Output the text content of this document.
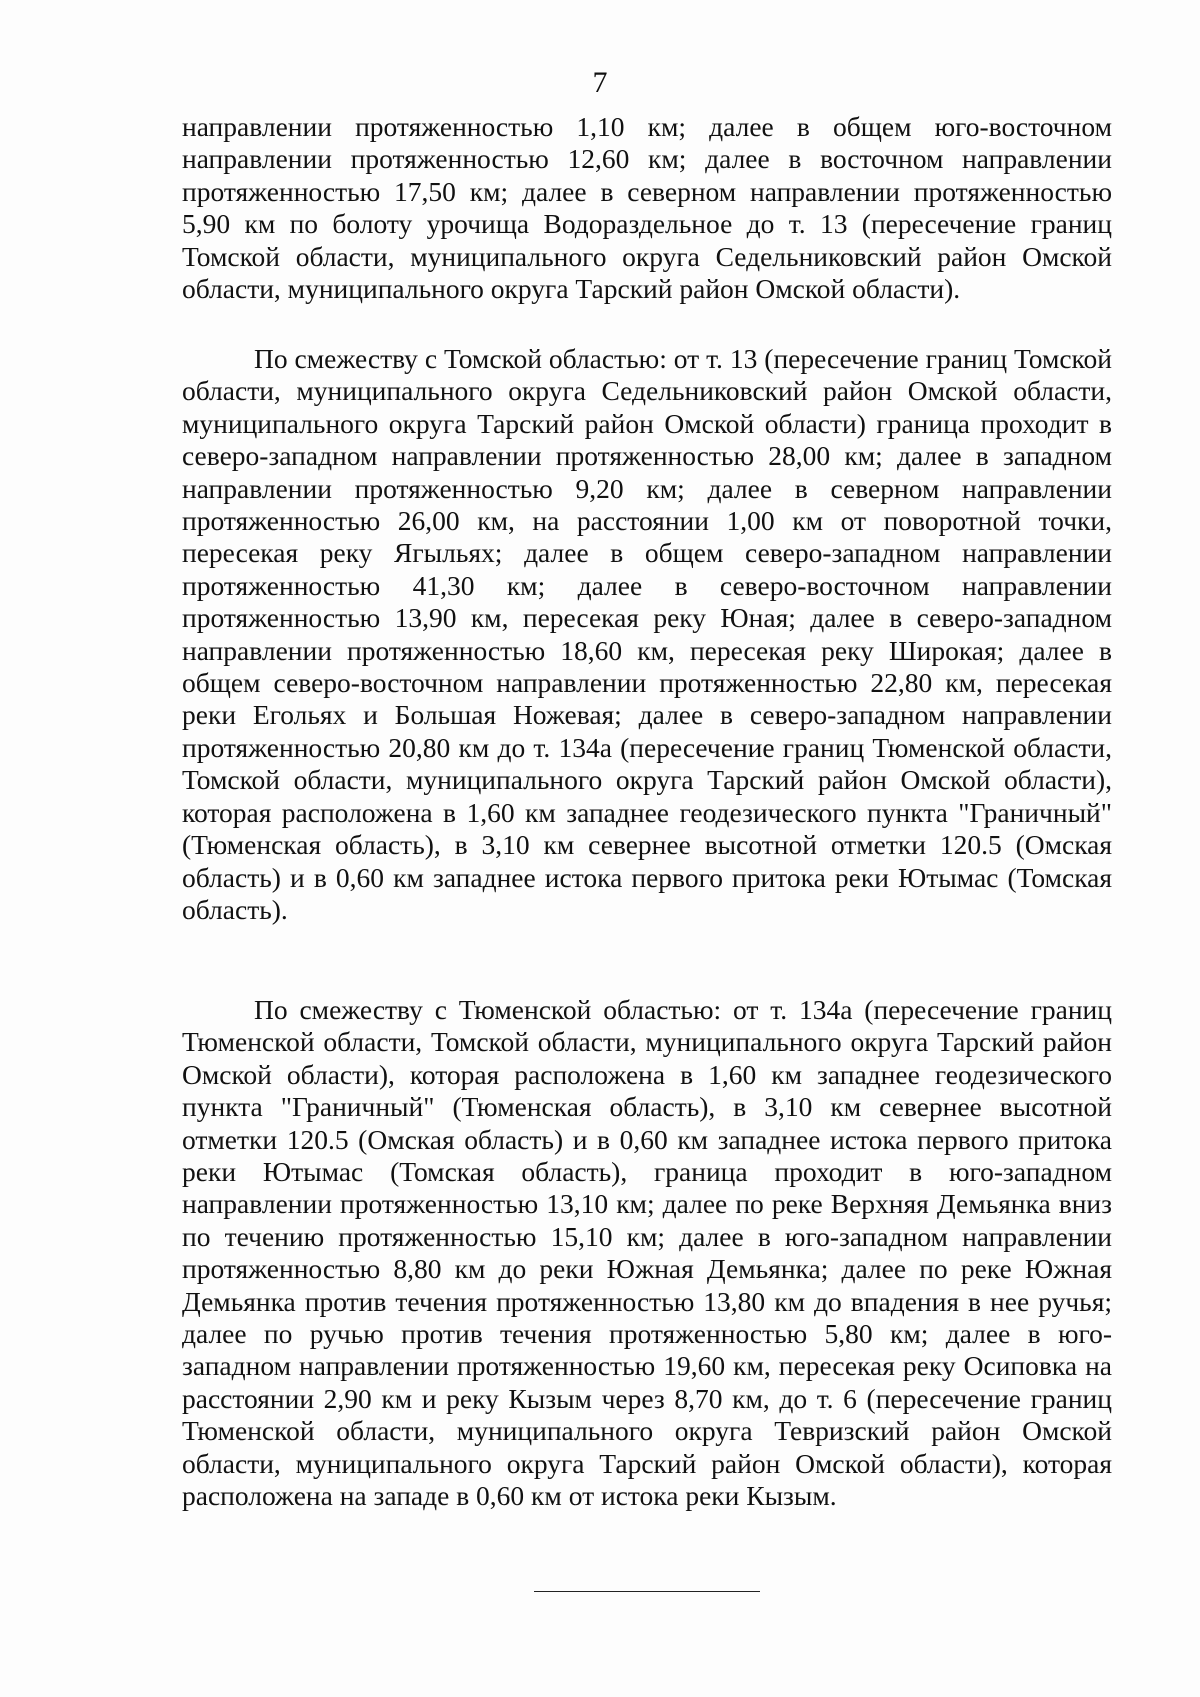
7

направлении протяженностью 1,10 км; далее в общем юго-восточном направлении протяженностью 12,60 км; далее в восточном направлении протяженностью 17,50 км; далее в северном направлении протяженностью 5,90 км по болоту урочища Водораздельное до т. 13 (пересечение границ Томской области, муниципального округа Седельниковский район Омской области, муниципального округа Тарский район Омской области).

По смежеству с Томской областью: от т. 13 (пересечение границ Томской области, муниципального округа Седельниковский район Омской области, муниципального округа Тарский район Омской области) граница проходит в северо-западном направлении протяженностью 28,00 км; далее в западном направлении протяженностью 9,20 км; далее в северном направлении протяженностью 26,00 км, на расстоянии 1,00 км от поворотной точки, пересекая реку Ягыльях; далее в общем северо-западном направлении протяженностью 41,30 км; далее в северо-восточном направлении протяженностью 13,90 км, пересекая реку Юная; далее в северо-западном направлении протяженностью 18,60 км, пересекая реку Широкая; далее в общем северо-восточном направлении протяженностью 22,80 км, пересекая реки Егольях и Большая Ножевая; далее в северо-западном направлении протяженностью 20,80 км до т. 134а (пересечение границ Тюменской области, Томской области, муниципального округа Тарский район Омской области), которая расположена в 1,60 км западнее геодезического пункта "Граничный" (Тюменская область), в 3,10 км севернее высотной отметки 120.5 (Омская область) и в 0,60 км западнее истока первого притока реки Ютымас (Томская область).

По смежеству с Тюменской областью: от т. 134а (пересечение границ Тюменской области, Томской области, муниципального округа Тарский район Омской области), которая расположена в 1,60 км западнее геодезического пункта "Граничный" (Тюменская область), в 3,10 км севернее высотной отметки 120.5 (Омская область) и в 0,60 км западнее истока первого притока реки Ютымас (Томская область), граница проходит в юго-западном направлении протяженностью 13,10 км; далее по реке Верхняя Демьянка вниз по течению протяженностью 15,10 км; далее в юго-западном направлении протяженностью 8,80 км до реки Южная Демьянка; далее по реке Южная Демьянка против течения протяженностью 13,80 км до впадения в нее ручья; далее по ручью против течения протяженностью 5,80 км; далее в юго-западном направлении протяженностью 19,60 км, пересекая реку Осиповка на расстоянии 2,90 км и реку Кызым через 8,70 км, до т. 6 (пересечение границ Тюменской области, муниципального округа Тевризский район Омской области, муниципального округа Тарский район Омской области), которая расположена на западе в 0,60 км от истока реки Кызым.
